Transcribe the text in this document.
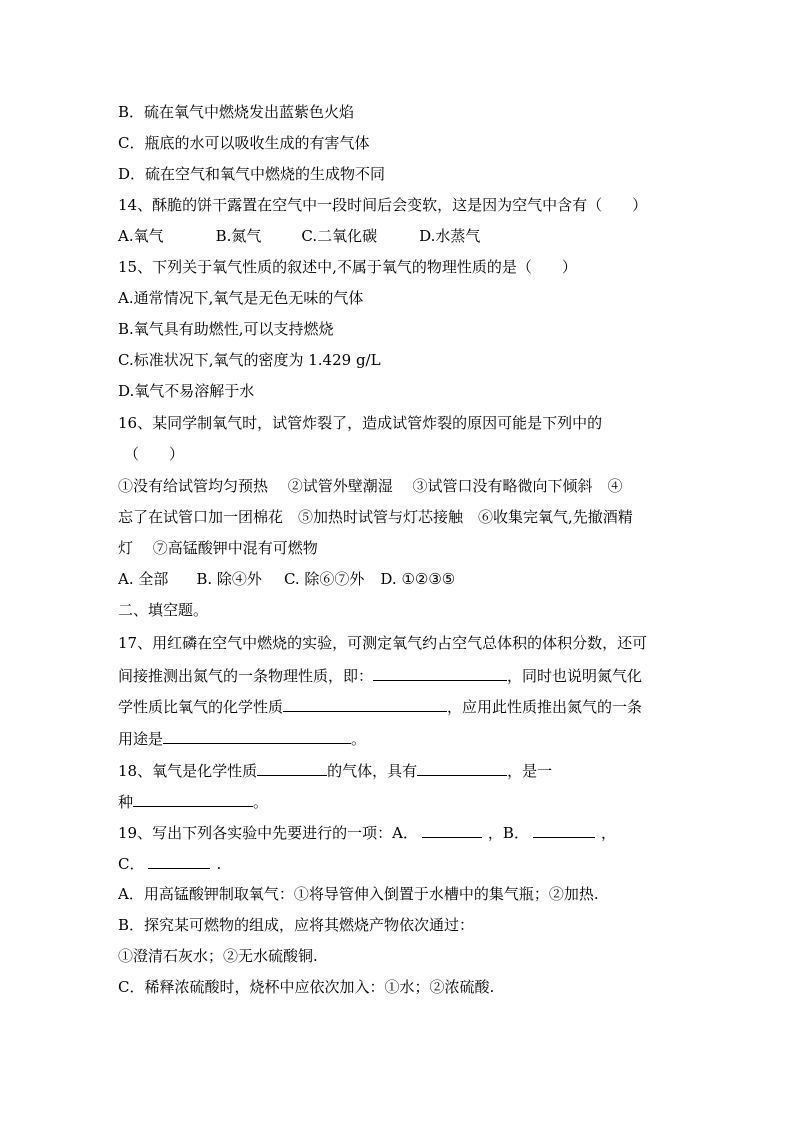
B．硫在氧气中燃烧发出蓝紫色火焰
C．瓶底的水可以吸收生成的有害气体
D．硫在空气和氧气中燃烧的生成物不同
14、酥脆的饼干露置在空气中一段时间后会变软，这是因为空气中含有（　　）
A.氧气	B.氮气	C.二氧化碳	D.水蒸气
15、下列关于氧气性质的叙述中,不属于氧气的物理性质的是（　　）
A.通常情况下,氧气是无色无味的气体
B.氧气具有助燃性,可以支持燃烧
C.标准状况下,氧气的密度为 1.429 g/L
D.氧气不易溶解于水
16、某同学制氧气时，试管炸裂了，造成试管炸裂的原因可能是下列中的
（　　）
①没有给试管均匀预热　 ②试管外壁潮湿　 ③试管口没有略微向下倾斜　④
忘了在试管口加一团棉花　⑤加热时试管与灯芯接触　⑥收集完氧气,先撤酒精
灯　 ⑦高锰酸钾中混有可燃物
A. 全部 B. 除④外 C. 除⑥⑦外 D. ①②③⑤
二、填空题。
17、用红磷在空气中燃烧的实验，可测定氧气约占空气总体积的体积分数，还可
间接推测出氮气的一条物理性质，即：	，同时也说明氮气化
学性质比氧气的化学性质	，应用此性质推出氮气的一条
用途是	。
18、氧气是化学性质	的气体，具有	，是一
种	。
19、写出下列各实验中先要进行的一项：A．	，B．	，
C．	.
A．用高锰酸钾制取氧气：①将导管伸入倒置于水槽中的集气瓶；②加热.
B．探究某可燃物的组成，应将其燃烧产物依次通过：
①澄清石灰水；②无水硫酸铜.
C．稀释浓硫酸时，烧杯中应依次加入：①水；②浓硫酸.
